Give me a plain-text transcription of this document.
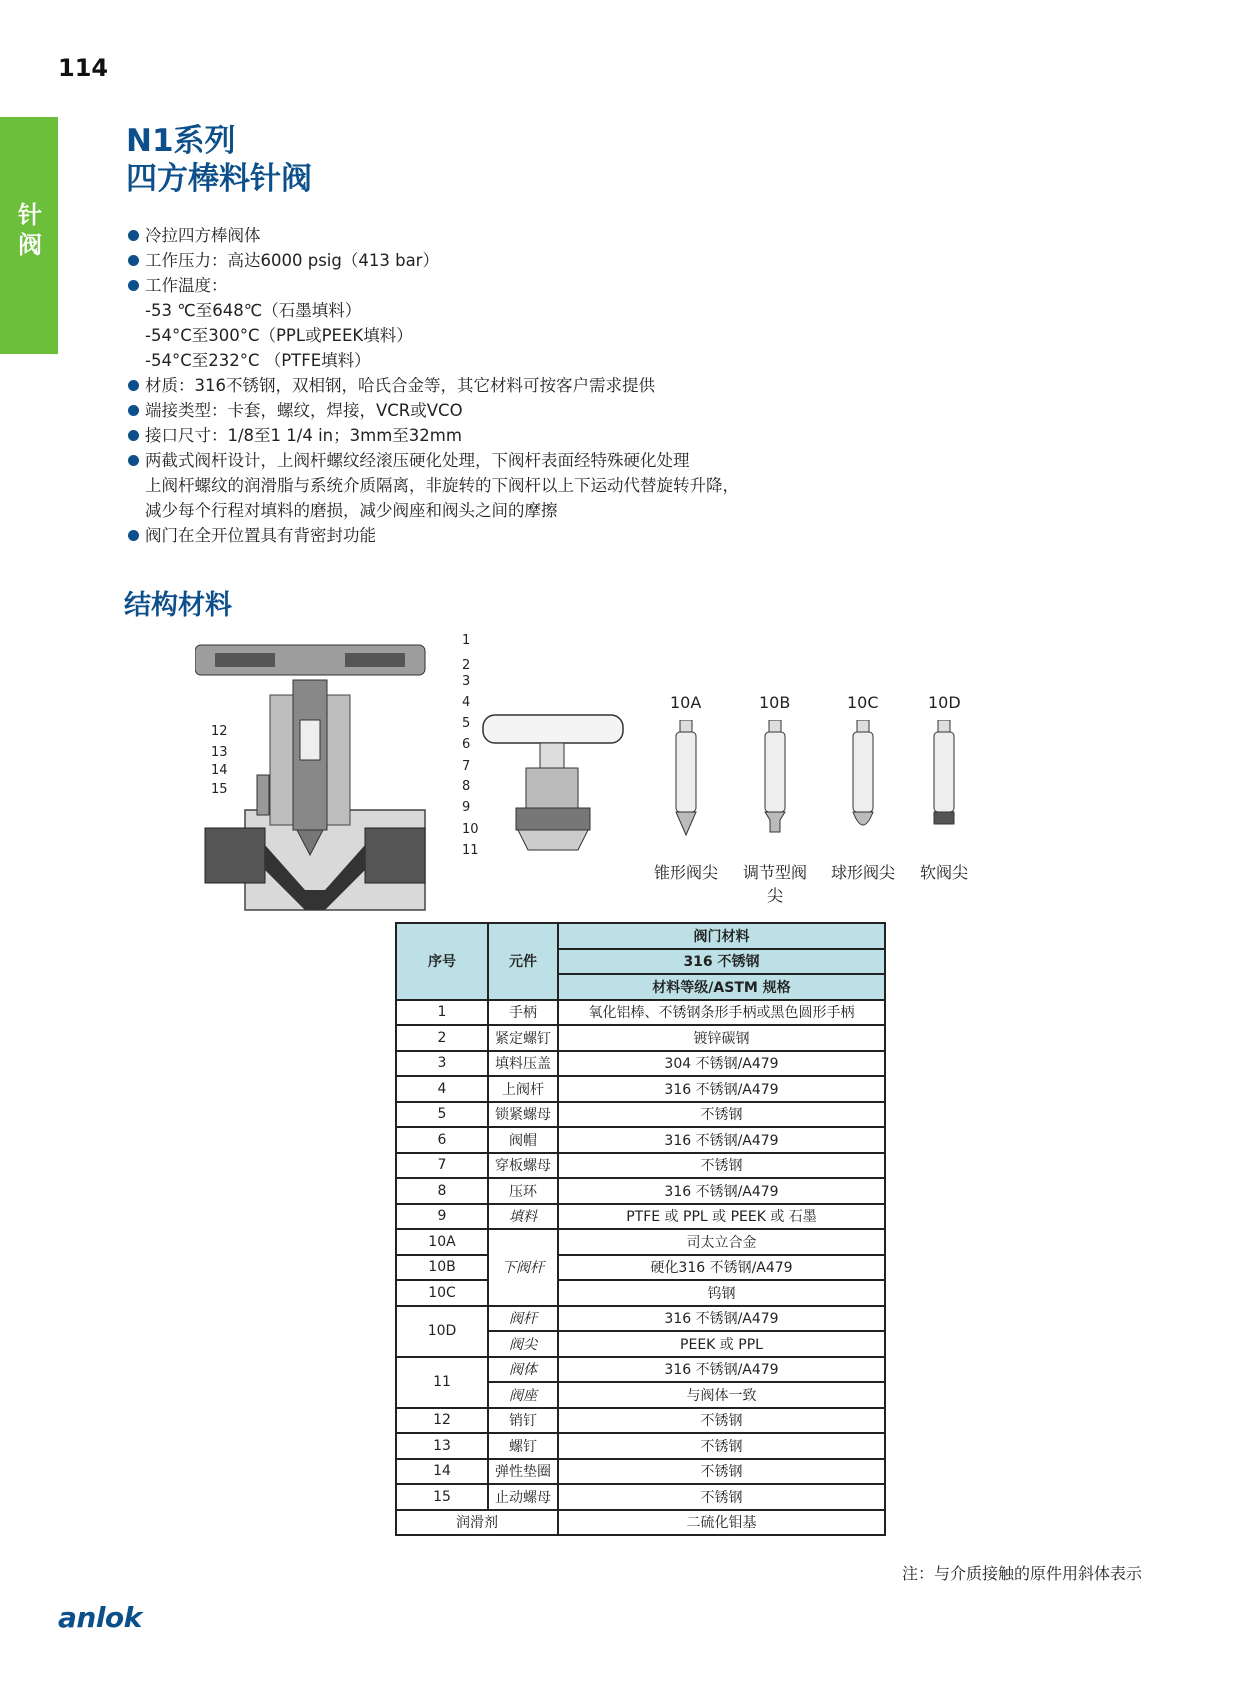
114
针阀
N1系列
四方棒料针阀
冷拉四方棒阀体
工作压力：高达6000 psig（413 bar）
工作温度：
-53 ℃至648℃（石墨填料）
-54°C至300°C（PPL或PEEK填料）
-54°C至232°C （PTFE填料）
材质：316不锈钢，双相钢，哈氏合金等，其它材料可按客户需求提供
端接类型：卡套，螺纹，焊接，VCR或VCO
接口尺寸：1/8至1 1/4 in；3mm至32mm
两截式阀杆设计，上阀杆螺纹经滚压硬化处理，下阀杆表面经特殊硬化处理
上阀杆螺纹的润滑脂与系统介质隔离，非旋转的下阀杆以上下运动代替旋转升降，
减少每个行程对填料的磨损，减少阀座和阀头之间的摩擦
阀门在全开位置具有背密封功能
结构材料
1
2
3
4
5
6
7
8
9
10
11
12
13
14
15
10A
锥形阀尖
10B
调节型阀尖
10C
球形阀尖
10D
软阀尖
序号	元件	阀门材料
		316 不锈钢
		材料等级/ASTM 规格
1	手柄	氧化铝棒、不锈钢条形手柄或黑色圆形手柄
2	紧定螺钉	镀锌碳钢
3	填料压盖	304 不锈钢/A479
4	上阀杆	316 不锈钢/A479
5	锁紧螺母	不锈钢
6	阀帽	316 不锈钢/A479
7	穿板螺母	不锈钢
8	压环	316 不锈钢/A479
9	填料	PTFE 或 PPL 或 PEEK 或 石墨
10A	下阀杆	司太立合金
10B		硬化316 不锈钢/A479
10C		钨钢
10D	阀杆	316 不锈钢/A479
	阀尖	PEEK 或 PPL
11	阀体	316 不锈钢/A479
	阀座	与阀体一致
12	销钉	不锈钢
13	螺钉	不锈钢
14	弹性垫圈	不锈钢
15	止动螺母	不锈钢
润滑剂		二硫化钼基
注：与介质接触的原件用斜体表示
anlok
